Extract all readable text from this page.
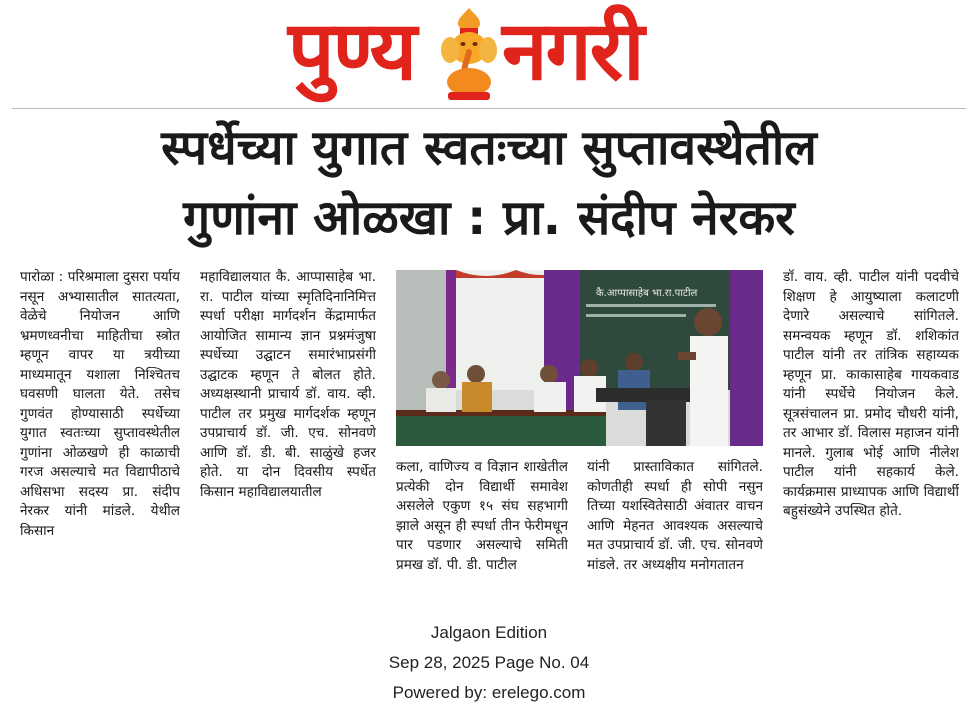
पुण्य नगरी
स्पर्धेच्या युगात स्वतःच्या सुप्तावस्थेतील
गुणांना ओळखा : प्रा. संदीप नेरकर

पारोळा : परिश्रमाला दुसरा पर्याय नसून अभ्यासातील सातत्यता, वेळेचे नियोजन आणि भ्रमणध्वनीचा माहितीचा स्त्रोत म्हणून वापर या त्रयीच्या माध्यमातून यशाला निश्चितच घवसणी घालता येते. तसेच गुणवंत होण्यासाठी स्पर्धेच्या युगात स्वतःच्या सुप्तावस्थेतील गुणांना ओळखणे ही काळाची गरज असल्याचे मत विद्यापीठाचे अधिसभा सदस्य प्रा. संदीप नेरकर यांनी मांडले. येथील किसान

महाविद्यालयात कै. आप्पासाहेब भा. रा. पाटील यांच्या स्मृतिदिनानिमित्त स्पर्धा परीक्षा मार्गदर्शन केंद्रामार्फत आयोजित सामान्य ज्ञान प्रश्नमंजुषा स्पर्धेच्या उद्घाटन समारंभाप्रसंगी उद्घाटक म्हणून ते बोलत होते. अध्यक्षस्थानी प्राचार्य डॉ. वाय. व्ही. पाटील तर प्रमुख मार्गदर्शक म्हणून उपप्राचार्य डॉ. जी. एच. सोनवणे आणि डॉ. डी. बी. साळुंखे हजर होते. या दोन दिवसीय स्पर्धेत किसान महाविद्यालयातील

कै.आप्पासाहेब भा.रा.पाटील

कला, वाणिज्य व विज्ञान शाखेतील प्रत्येकी दोन विद्यार्थी समावेश असलेले एकुण १५ संघ सहभागी झाले असून ही स्पर्धा तीन फेरीमधून पार पडणार असल्याचे समिती प्रमख डॉ. पी. डी. पाटील

यांनी प्रास्ताविकात सांगितले. कोणतीही स्पर्धा ही सोपी नसुन तिच्या यशस्वितेसाठी अंवातर वाचन आणि मेहनत आवश्यक असल्याचे मत उपप्राचार्य डॉ. जी. एच. सोनवणे मांडले. तर अध्यक्षीय मनोगतातन

डॉ. वाय. व्ही. पाटील यांनी पदवीचे शिक्षण हे आयुष्याला कलाटणी देणारे असल्याचे सांगितले. समन्वयक म्हणून डॉ. शशिकांत पाटील यांनी तर तांत्रिक सहाय्यक म्हणून प्रा. काकासाहेब गायकवाड यांनी स्पर्धेचे नियोजन केले. सूत्रसंचालन प्रा. प्रमोद चौधरी यांनी, तर आभार डॉ. विलास महाजन यांनी मानले. गुलाब भोई आणि नीलेश पाटील यांनी सहकार्य केले. कार्यक्रमास प्राध्यापक आणि विद्यार्थी बहुसंख्येने उपस्थित होते.

Jalgaon Edition
Sep 28, 2025 Page No. 04
Powered by: erelego.com
